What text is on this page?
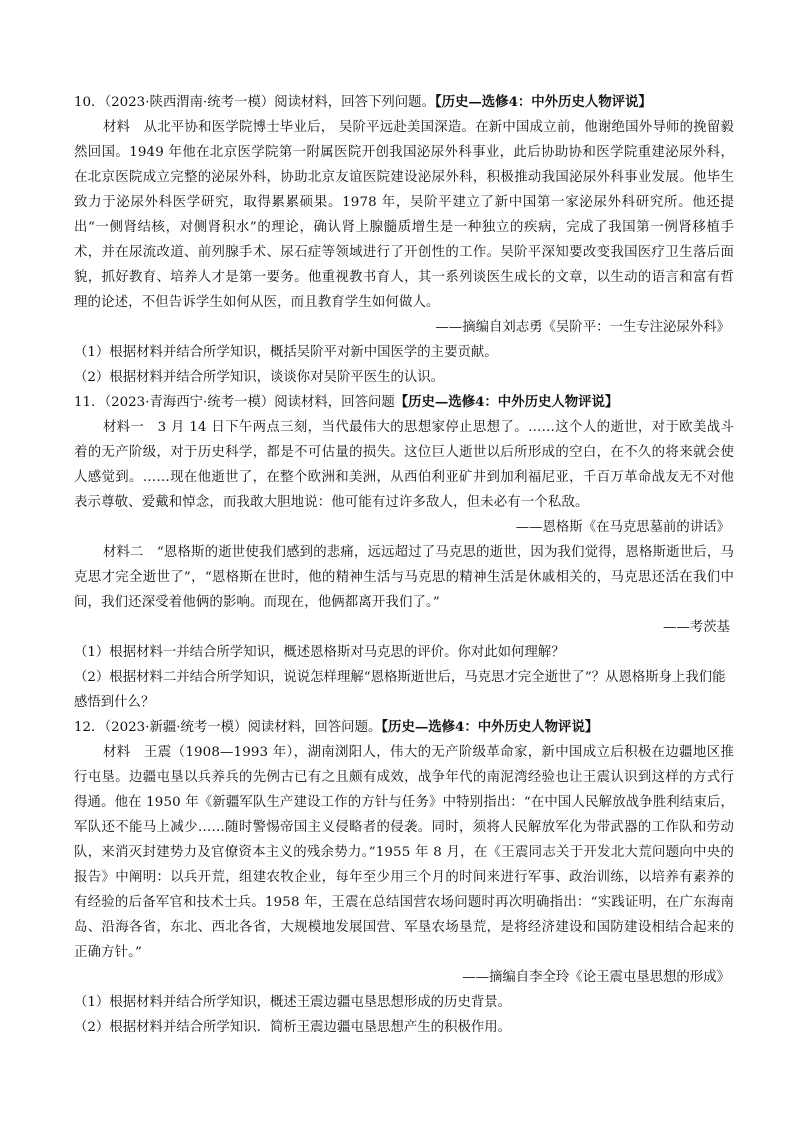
10．（2023·陕西渭南·统考一模）阅读材料，回答下列问题。【历史—选修4：中外历史人物评说】
材料　 从北平协和医学院博士毕业后， 吴阶平远赴美国深造。在新中国成立前，他谢绝国外导师的挽留毅然回国。1949 年他在北京医学院第一附属医院开创我国泌尿外科事业，此后协助协和医学院重建泌尿外科，在北京医院成立完整的泌尿外科，协助北京友谊医院建设泌尿外科，积极推动我国泌尿外科事业发展。他毕生致力于泌尿外科医学研究，取得累累硕果。1978 年，吴阶平建立了新中国第一家泌尿外科研究所。他还提出“一侧肾结核，对侧肾积水”的理论，确认肾上腺髓质增生是一种独立的疾病，完成了我国第一例肾移植手术，并在尿流改道、前列腺手术、尿石症等领域进行了开创性的工作。吴阶平深知要改变我国医疗卫生落后面貌，抓好教育、培养人才是第一要务。他重视教书育人，其一系列谈医生成长的文章，以生动的语言和富有哲理的论述，不但告诉学生如何从医，而且教育学生如何做人。
——摘编自刘志勇《吴阶平：一生专注泌尿外科》
（1）根据材料并结合所学知识，概括吴阶平对新中国医学的主要贡献。
（2）根据材料并结合所学知识，谈谈你对吴阶平医生的认识。
11．（2023·青海西宁·统考一模）阅读材料，回答问题【历史—选修4：中外历史人物评说】
材料一　 3 月 14 日下午两点三刻，当代最伟大的思想家停止思想了。……这个人的逝世，对于欧美战斗着的无产阶级，对于历史科学，都是不可估量的损失。这位巨人逝世以后所形成的空白，在不久的将来就会使人感觉到。……现在他逝世了，在整个欧洲和美洲，从西伯利亚矿井到加利福尼亚，千百万革命战友无不对他表示尊敬、爱戴和悼念，而我敢大胆地说：他可能有过许多敌人，但未必有一个私敌。
——恩格斯《在马克思墓前的讲话》
材料二　 “恩格斯的逝世使我们感到的悲痛，远远超过了马克思的逝世，因为我们觉得，恩格斯逝世后，马克思才完全逝世了”，“恩格斯在世时，他的精神生活与马克思的精神生活是休戚相关的，马克思还活在我们中间，我们还深受着他俩的影响。而现在，他俩都离开我们了。”
——考茨基
（1）根据材料一并结合所学知识，概述恩格斯对马克思的评价。你对此如何理解？
（2）根据材料二并结合所学知识，说说怎样理解“恩格斯逝世后，马克思才完全逝世了”？从恩格斯身上我们能感悟到什么？
12．（2023·新疆·统考一模）阅读材料，回答问题。【历史—选修4：中外历史人物评说】
材料　 王震（1908—1993 年），湖南浏阳人，伟大的无产阶级革命家，新中国成立后积极在边疆地区推行屯垦。边疆屯垦以兵养兵的先例古已有之且颇有成效，战争年代的南泥湾经验也让王震认识到这样的方式行得通。他在 1950 年《新疆军队生产建设工作的方针与任务》中特别指出：“在中国人民解放战争胜利结束后，军队还不能马上减少……随时警惕帝国主义侵略者的侵袭。同时，须将人民解放军化为带武器的工作队和劳动队，来消灭封建势力及官僚资本主义的残余势力。”1955 年 8 月，在《王震同志关于开发北大荒问题向中央的报告》中阐明：以兵开荒，组建农牧企业，每年至少用三个月的时间来进行军事、政治训练，以培养有素养的有经验的后备军官和技术士兵。1958 年，王震在总结国营农场问题时再次明确指出：“实践证明，在广东海南岛、沿海各省，东北、西北各省，大规模地发展国营、军垦农场垦荒，是将经济建设和国防建设相结合起来的正确方针。”
——摘编自李全玲《论王震屯垦思想的形成》
（1）根据材料并结合所学知识，概述王震边疆屯垦思想形成的历史背景。
（2）根据材料并结合所学知识．简析王震边疆屯垦思想产生的积极作用。
